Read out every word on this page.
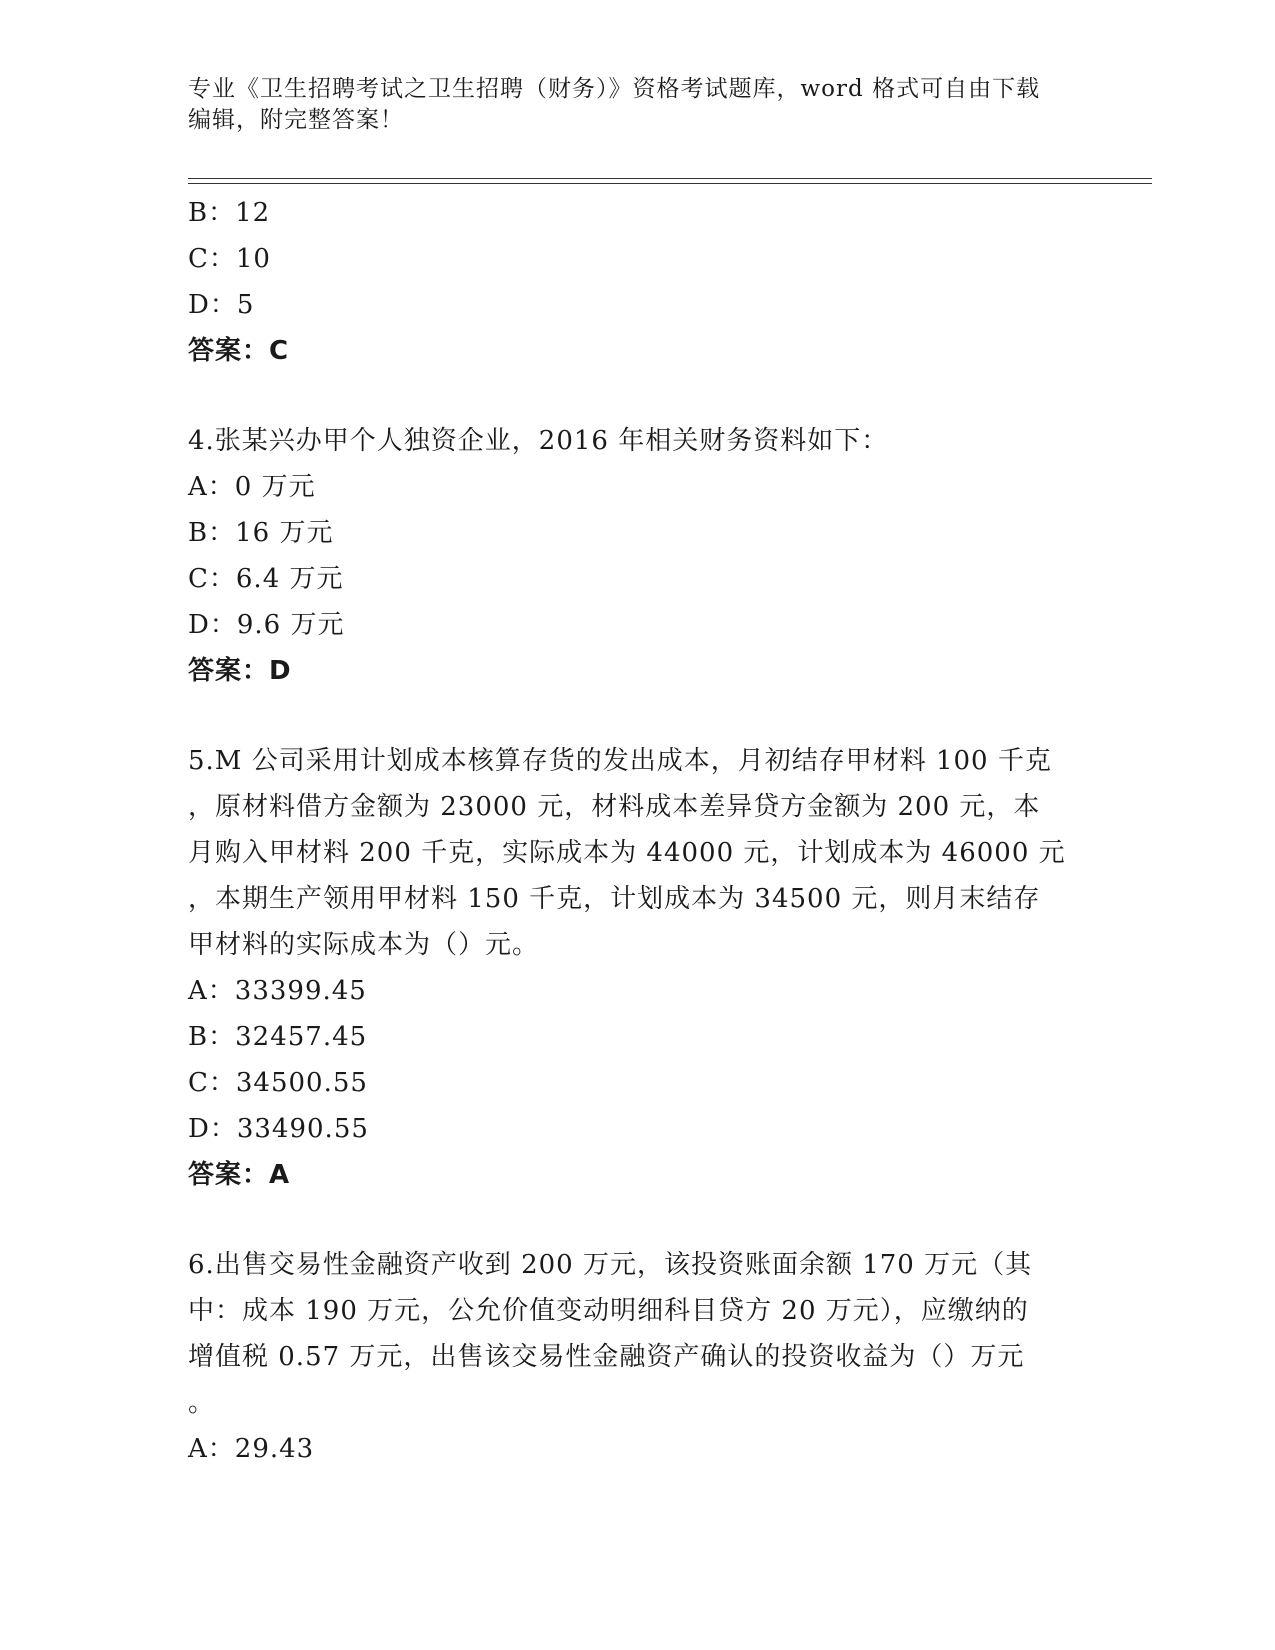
专业《卫生招聘考试之卫生招聘（财务）》资格考试题库，word 格式可自由下载
编辑，附完整答案！
B：12
C：10
D：5
答案：C
4.张某兴办甲个人独资企业，2016 年相关财务资料如下：
A：0 万元
B：16 万元
C：6.4 万元
D：9.6 万元
答案：D
5.M 公司采用计划成本核算存货的发出成本，月初结存甲材料 100 千克
，原材料借方金额为 23000 元，材料成本差异贷方金额为 200 元，本
月购入甲材料 200 千克，实际成本为 44000 元，计划成本为 46000 元
，本期生产领用甲材料 150 千克，计划成本为 34500 元，则月末结存
甲材料的实际成本为（）元。
A：33399.45
B：32457.45
C：34500.55
D：33490.55
答案：A
6.出售交易性金融资产收到 200 万元，该投资账面余额 170 万元（其
中：成本 190 万元，公允价值变动明细科目贷方 20 万元），应缴纳的
增值税 0.57 万元，出售该交易性金融资产确认的投资收益为（）万元
。
A：29.43
